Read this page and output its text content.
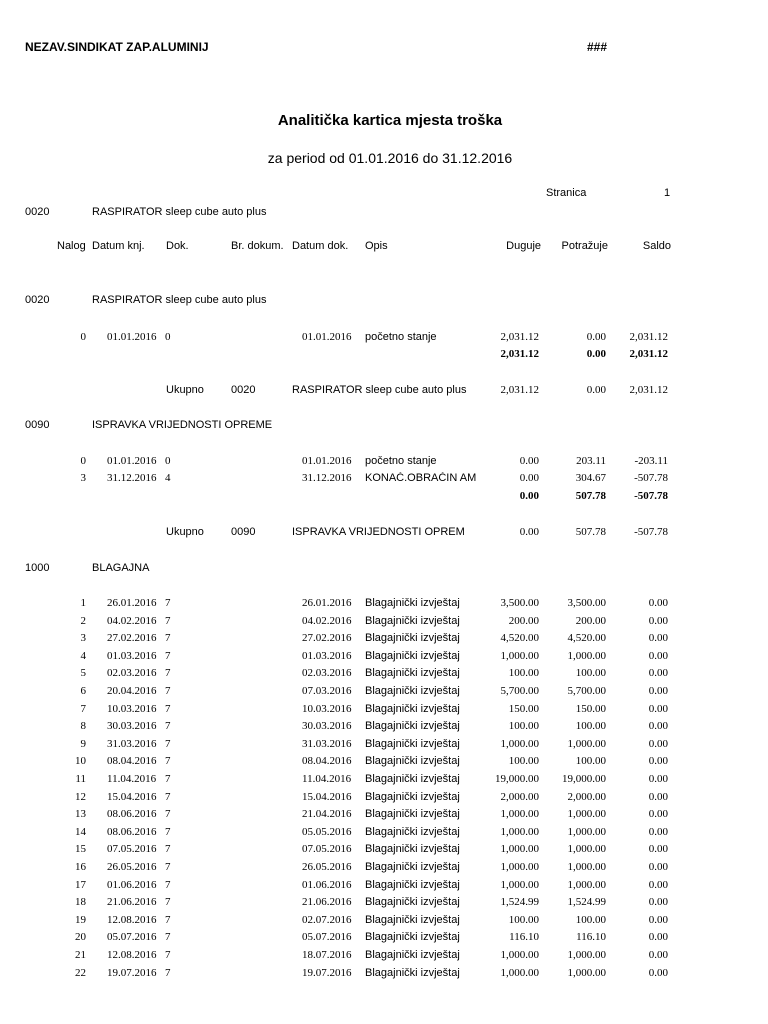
NEZAV.SINDIKAT ZAP.ALUMINIJ	###
Analitička kartica mjesta troška
za period od 01.01.2016 do 31.12.2016
Stranica	1
0020	RASPIRATOR sleep cube auto plus
Nalog Datum knj. Dok.	Br. dokum. Datum dok. Opis	Duguje	Potražuje	Saldo
0020	RASPIRATOR sleep cube auto plus
0 01.01.2016 0	01.01.2016 početno stanje	2,031.12	0.00	2,031.12
2,031.12	0.00	2,031.12
Ukupno 0020	RASPIRATOR sleep cube auto plus	2,031.12	0.00	2,031.12
0090	ISPRAVKA VRIJEDNOSTI OPREME
0 01.01.2016 0	01.01.2016 početno stanje	0.00	203.11	-203.11
3 31.12.2016 4	31.12.2016 KONAČ.OBRAČIN AM	0.00	304.67	-507.78
0.00	507.78	-507.78
Ukupno 0090	ISPRAVKA VRIJEDNOSTI OPREM	0.00	507.78	-507.78
1000	BLAGAJNA
1 26.01.2016 7	26.01.2016 Blagajnički izvještaj	3,500.00	3,500.00	0.00
2 04.02.2016 7	04.02.2016 Blagajnički izvještaj	200.00	200.00	0.00
3 27.02.2016 7	27.02.2016 Blagajnički izvještaj	4,520.00	4,520.00	0.00
4 01.03.2016 7	01.03.2016 Blagajnički izvještaj	1,000.00	1,000.00	0.00
5 02.03.2016 7	02.03.2016 Blagajnički izvještaj	100.00	100.00	0.00
6 20.04.2016 7	07.03.2016 Blagajnički izvještaj	5,700.00	5,700.00	0.00
7 10.03.2016 7	10.03.2016 Blagajnički izvještaj	150.00	150.00	0.00
8 30.03.2016 7	30.03.2016 Blagajnički izvještaj	100.00	100.00	0.00
9 31.03.2016 7	31.03.2016 Blagajnički izvještaj	1,000.00	1,000.00	0.00
10 08.04.2016 7	08.04.2016 Blagajnički izvještaj	100.00	100.00	0.00
11 11.04.2016 7	11.04.2016 Blagajnički izvještaj	19,000.00	19,000.00	0.00
12 15.04.2016 7	15.04.2016 Blagajnički izvještaj	2,000.00	2,000.00	0.00
13 08.06.2016 7	21.04.2016 Blagajnički izvještaj	1,000.00	1,000.00	0.00
14 08.06.2016 7	05.05.2016 Blagajnički izvještaj	1,000.00	1,000.00	0.00
15 07.05.2016 7	07.05.2016 Blagajnički izvještaj	1,000.00	1,000.00	0.00
16 26.05.2016 7	26.05.2016 Blagajnički izvještaj	1,000.00	1,000.00	0.00
17 01.06.2016 7	01.06.2016 Blagajnički izvještaj	1,000.00	1,000.00	0.00
18 21.06.2016 7	21.06.2016 Blagajnički izvještaj	1,524.99	1,524.99	0.00
19 12.08.2016 7	02.07.2016 Blagajnički izvještaj	100.00	100.00	0.00
20 05.07.2016 7	05.07.2016 Blagajnički izvještaj	116.10	116.10	0.00
21 12.08.2016 7	18.07.2016 Blagajnički izvještaj	1,000.00	1,000.00	0.00
22 19.07.2016 7	19.07.2016 Blagajnički izvještaj	1,000.00	1,000.00	0.00
